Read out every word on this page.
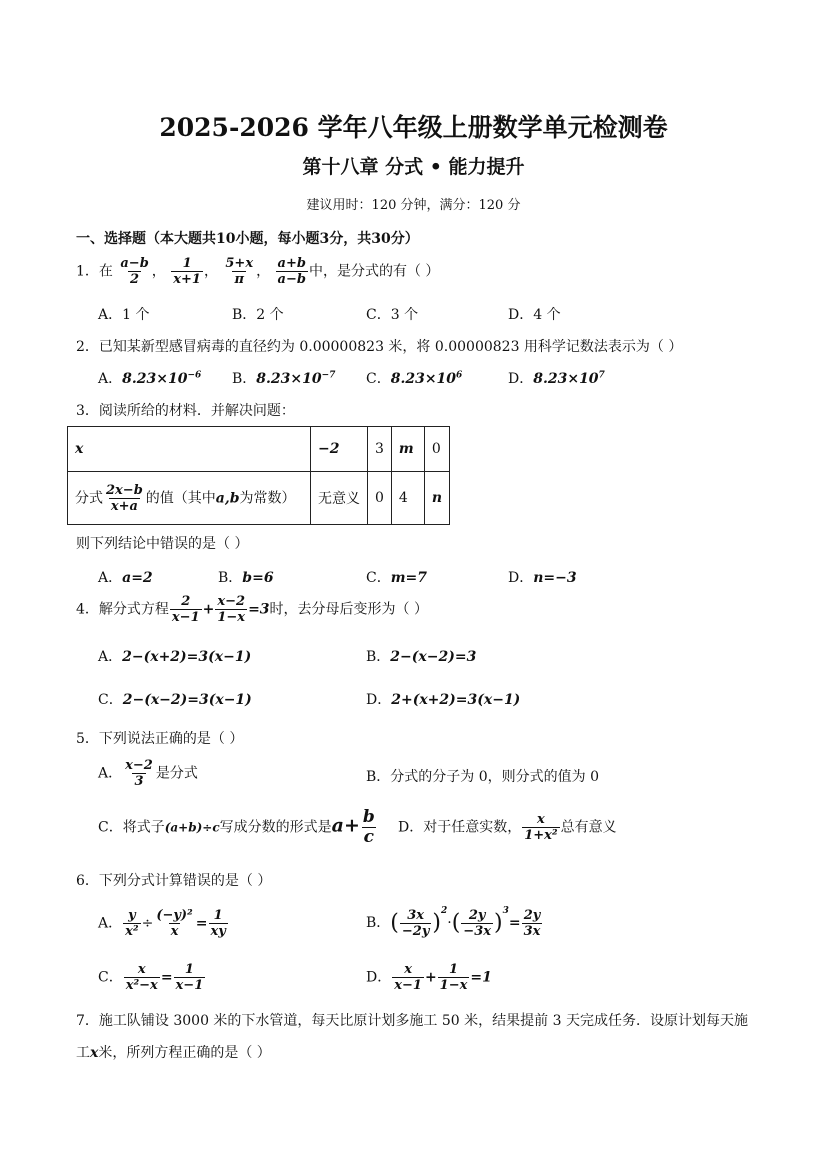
2025-2026 学年八年级上册数学单元检测卷
第十八章 分式 • 能力提升
建议用时：120 分钟，满分：120 分
一、选择题（本大题共10小题，每小题3分，共30分）
1．在 $\frac{a-b}{2}$ ， $\frac{1}{x+1}$ ， $\frac{5+x}{\pi}$ ， $\frac{a+b}{a-b}$ 中，是分式的有（ ）
A．1 个	B．2 个	C．3 个	D．4 个
2．已知某新型感冒病毒的直径约为 0.00000823 米，将 0.00000823 用科学记数法表示为（ ）
A．$8.23\times 10^{-6}$ B．$8.23\times 10^{-7}$ C．$8.23\times 10^6$	D．$8.23\times 10^7$
3．阅读所给的材料．并解决问题：
x	−2	3	m	0
分式 $\frac{2x-b}{x+a}$ 的值（其中a,b为常数）	无意义	0	4	n
则下列结论中错误的是（ ）
A．a=2	B．b=6	C．m=7	D．n=−3
4．解分式方程 $\frac{2}{x-1} + \frac{x-2}{1-x} =3$时，去分母后变形为（ ）
A．2−(x+2)=3(x−1)	B．2−(x−2)=3
C．2−(x−2)=3(x−1)	D．2+(x+2)=3(x−1)
5．下列说法正确的是（ ）
A． $\frac{x-2}{3}$ 是分式	B．分式的分子为 0，则分式的值为 0
C．将式子(a+b)÷c写成分数的形式是$a+ \frac{b}{c}$ D．对于任意实数， $\frac{x}{\text{1+x²}}$ 总有意义
6．下列分式计算错误的是（ ）
A． $\frac{y}{\text{x²}} \div \frac{\text{(−y)²}}{x} = \frac{1}{xy}$	B．( $\frac{3x}{-2y} )^2\cdot( \frac{2y}{-3x} )^3= \frac{2y}{3x}$
C． $\frac{x}{\text{x²−x}} = \frac{1}{x-1}$	D． $\frac{x}{x-1} + \frac{1}{1-x} =1$
7．施工队铺设 3000 米的下水管道，每天比原计划多施工 50 米，结果提前 3 天完成任务．设原计划每天施
工x米，所列方程正确的是（ ）
